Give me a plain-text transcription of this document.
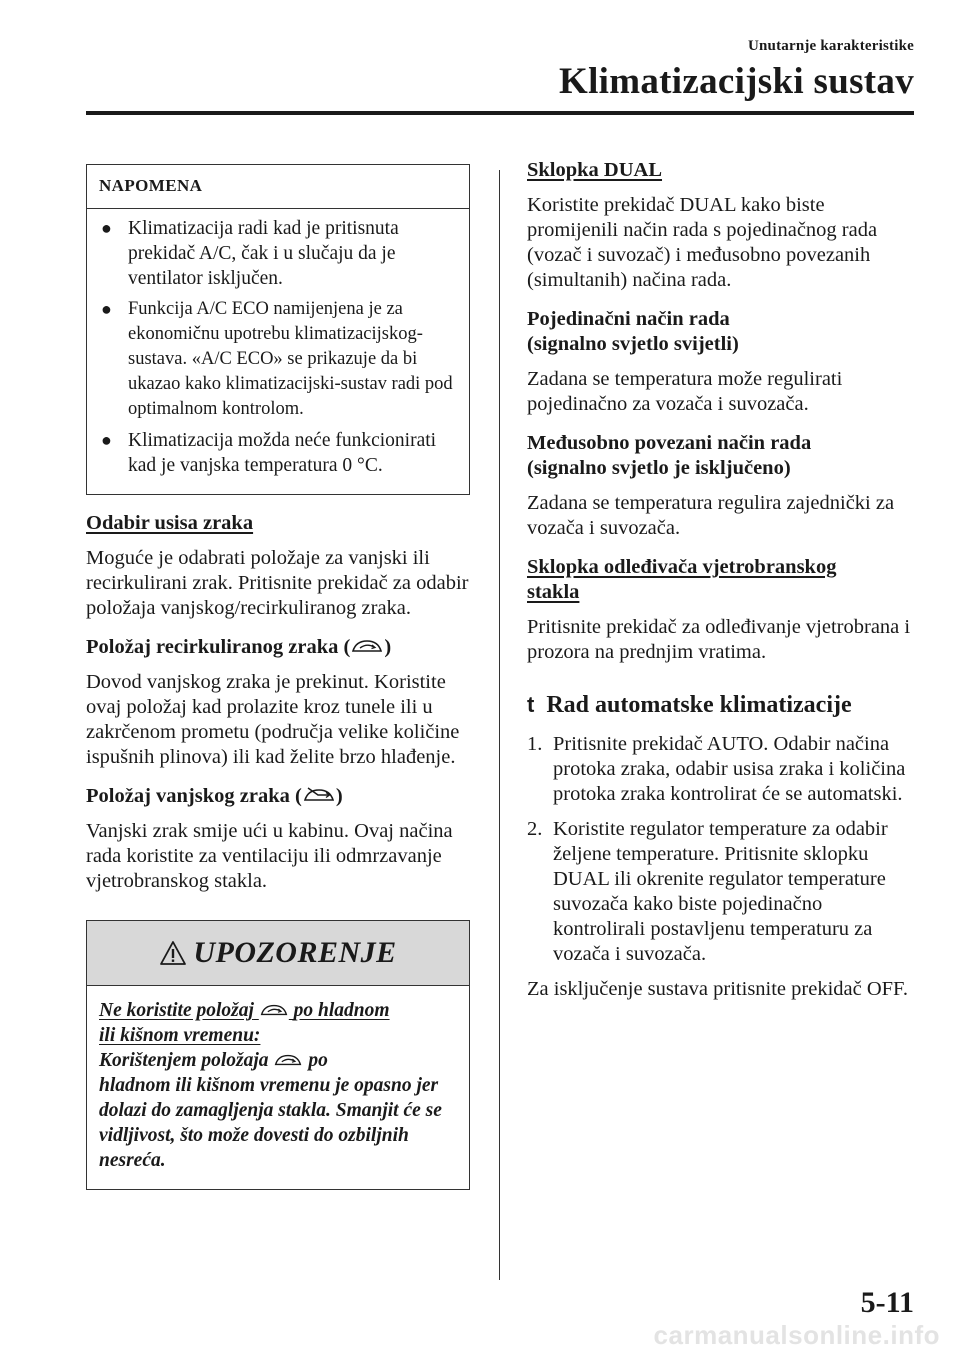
Unutarnje karakteristike
Klimatizacijski sustav
NAPOMENA
● Klimatizacija radi kad je pritisnuta prekidač A/C, čak i u slučaju da je ventilator isključen.
● Funkcija A/C ECO namijenjena je za ekonomičnu upotrebu klimatizacijskog- sustava. «A/C ECO» se prikazuje da bi ukazao kako klimatizacijski-sustav radi pod optimalnom kontrolom.
● Klimatizacija možda neće funkcionirati kad je vanjska temperatura 0 °C.

Odabir usisa zraka

Moguće je odabrati položaje za vanjski ili recirkulirani zrak. Pritisnite prekidač za odabir položaja vanjskog/recirkuliranog zraka.

Položaj recirkuliranog zraka ( )

Dovod vanjskog zraka je prekinut. Koristite ovaj položaj kad prolazite kroz tunele ili u zakrčenom prometu (područja velike količine ispušnih plinova) ili kad želite brzo hlađenje.

Položaj vanjskog zraka ( )

Vanjski zrak smije ući u kabinu. Ovaj načina rada koristite za ventilaciju ili odmrzavanje vjetrobranskog stakla.

UPOZORENJE
Ne koristite položaj po hladnom
ili kišnom vremenu:
Korištenjem položaja po
hladnom ili kišnom vremenu je opasno jer dolazi do zamagljenja stakla. Smanjit će se vidljivost, što može dovesti do ozbiljnih nesreća.

Sklopka DUAL

Koristite prekidač DUAL kako biste promijenili način rada s pojedinačnog rada (vozač i suvozač) i međusobno povezanih (simultanih) načina rada.

Pojedinačni način rada
(signalno svjetlo svijetli)

Zadana se temperatura može regulirati pojedinačno za vozača i suvozača.

Međusobno povezani način rada
(signalno svjetlo je isključeno)

Zadana se temperatura regulira zajednički za vozača i suvozača.

Sklopka odleđivača vjetrobranskog
stakla

Pritisnite prekidač za odleđivanje vjetrobrana i prozora na prednjim vratima.

t Rad automatske klimatizacije

1. Pritisnite prekidač AUTO. Odabir načina protoka zraka, odabir usisa zraka i količina protoka zraka kontrolirat će se automatski.
2. Koristite regulator temperature za odabir željene temperature. Pritisnite sklopku DUAL ili okrenite regulator temperature suvozača kako biste pojedinačno kontrolirali postavljenu temperaturu za vozača i suvozača.

Za isključenje sustava pritisnite prekidač OFF.

5-11
carmanualsonline.info
